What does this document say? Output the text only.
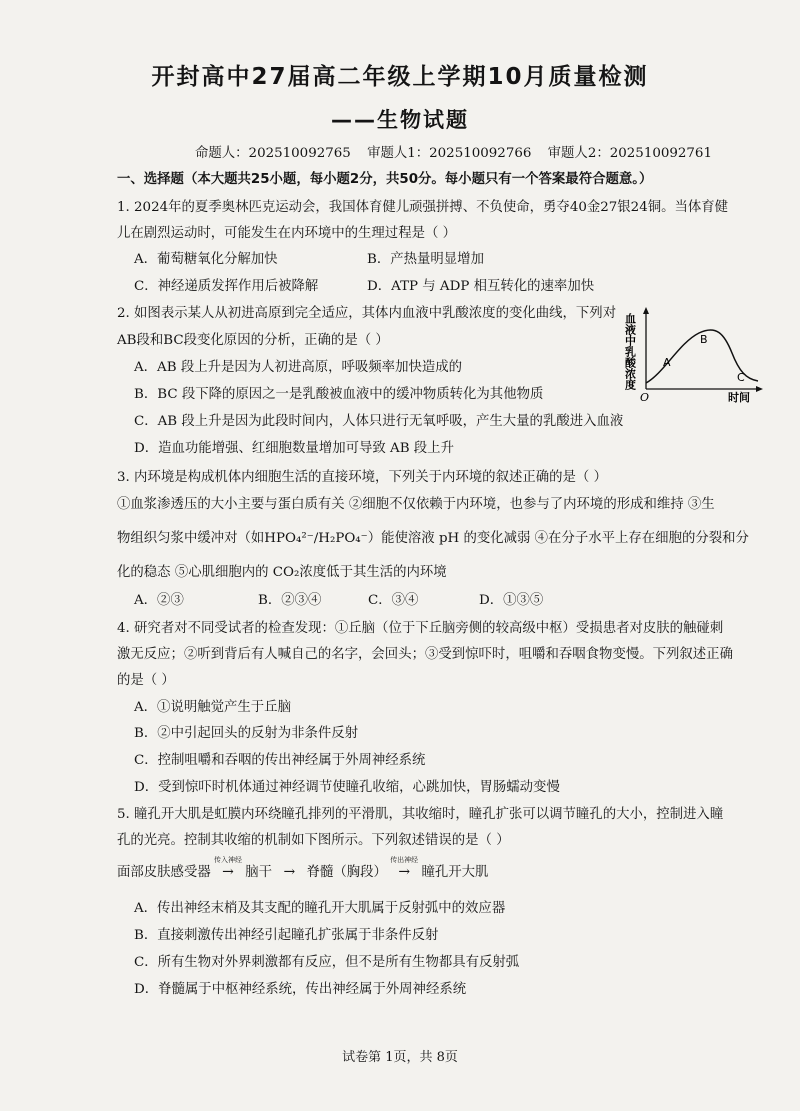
开封高中27届高二年级上学期10月质量检测
——生物试题
命题人：202510092765 审题人1：202510092766 审题人2：202510092761
一、选择题（本大题共25小题，每小题2分，共50分。每小题只有一个答案最符合题意。）
1. 2024年的夏季奥林匹克运动会，我国体育健儿顽强拼搏、不负使命，勇夺40金27银24铜。当体育健
儿在剧烈运动时，可能发生在内环境中的生理过程是（ ）
A．葡萄糖氧化分解加快	B．产热量明显增加
C．神经递质发挥作用后被降解	D．ATP 与 ADP 相互转化的速率加快
2. 如图表示某人从初进高原到完全适应，其体内血液中乳酸浓度的变化曲线，下列对
AB段和BC段变化原因的分析，正确的是（ ）
A．AB 段上升是因为人初进高原，呼吸频率加快造成的
B．BC 段下降的原因之一是乳酸被血液中的缓冲物质转化为其他物质
C．AB 段上升是因为此段时间内，人体只进行无氧呼吸，产生大量的乳酸进入血液
D．造血功能增强、红细胞数量增加可导致 AB 段上升
血液中乳酸浓度 A
B
C
O	时间
3. 内环境是构成机体内细胞生活的直接环境，下列关于内环境的叙述正确的是（ ）
①血浆渗透压的大小主要与蛋白质有关 ②细胞不仅依赖于内环境，也参与了内环境的形成和维持 ③生
物组织匀浆中缓冲对（如HPO₄²⁻/H₂PO₄⁻）能使溶液 pH 的变化减弱 ④在分子水平上存在细胞的分裂和分
化的稳态 ⑤心肌细胞内的 CO₂浓度低于其生活的内环境
A．②③	B．②③④	C．③④	D．①③⑤
4. 研究者对不同受试者的检查发现：①丘脑（位于下丘脑旁侧的较高级中枢）受损患者对皮肤的触碰刺
激无反应；②听到背后有人喊自己的名字，会回头；③受到惊吓时，咀嚼和吞咽食物变慢。下列叙述正确
的是（ ）
A．①说明触觉产生于丘脑
B．②中引起回头的反射为非条件反射
C．控制咀嚼和吞咽的传出神经属于外周神经系统
D．受到惊吓时机体通过神经调节使瞳孔收缩，心跳加快，胃肠蠕动变慢
5. 瞳孔开大肌是虹膜内环绕瞳孔排列的平滑肌，其收缩时，瞳孔扩张可以调节瞳孔的大小，控制进入瞳
孔的光亮。控制其收缩的机制如下图所示。下列叙述错误的是（ ）
面部皮肤感受器
传入神经
→ 脑干 → 脊髓（胸段）
传出神经
→ 瞳孔开大肌
A．传出神经末梢及其支配的瞳孔开大肌属于反射弧中的效应器
B．直接刺激传出神经引起瞳孔扩张属于非条件反射
C．所有生物对外界刺激都有反应，但不是所有生物都具有反射弧
D．脊髓属于中枢神经系统，传出神经属于外周神经系统
试卷第 1页，共 8页
